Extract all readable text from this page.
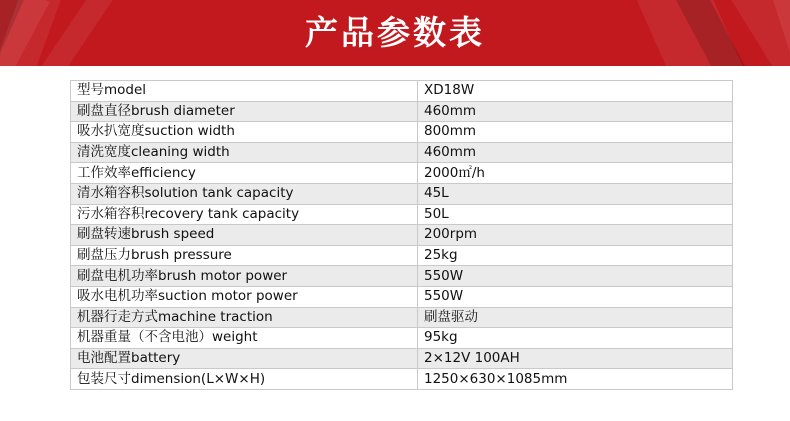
产品参数表
型号model	XD18W
刷盘直径brush diameter	460mm
吸水扒宽度suction width	800mm
清洗宽度cleaning width	460mm
工作效率efficiency	2000㎡/h
清水箱容积solution tank capacity	45L
污水箱容积recovery tank capacity	50L
刷盘转速brush speed	200rpm
刷盘压力brush pressure	25kg
刷盘电机功率brush motor power	550W
吸水电机功率suction motor power	550W
机器行走方式machine traction	刷盘驱动
机器重量（不含电池）weight	95kg
电池配置battery	2×12V 100AH
包装尺寸dimension(L×W×H)	1250×630×1085mm
